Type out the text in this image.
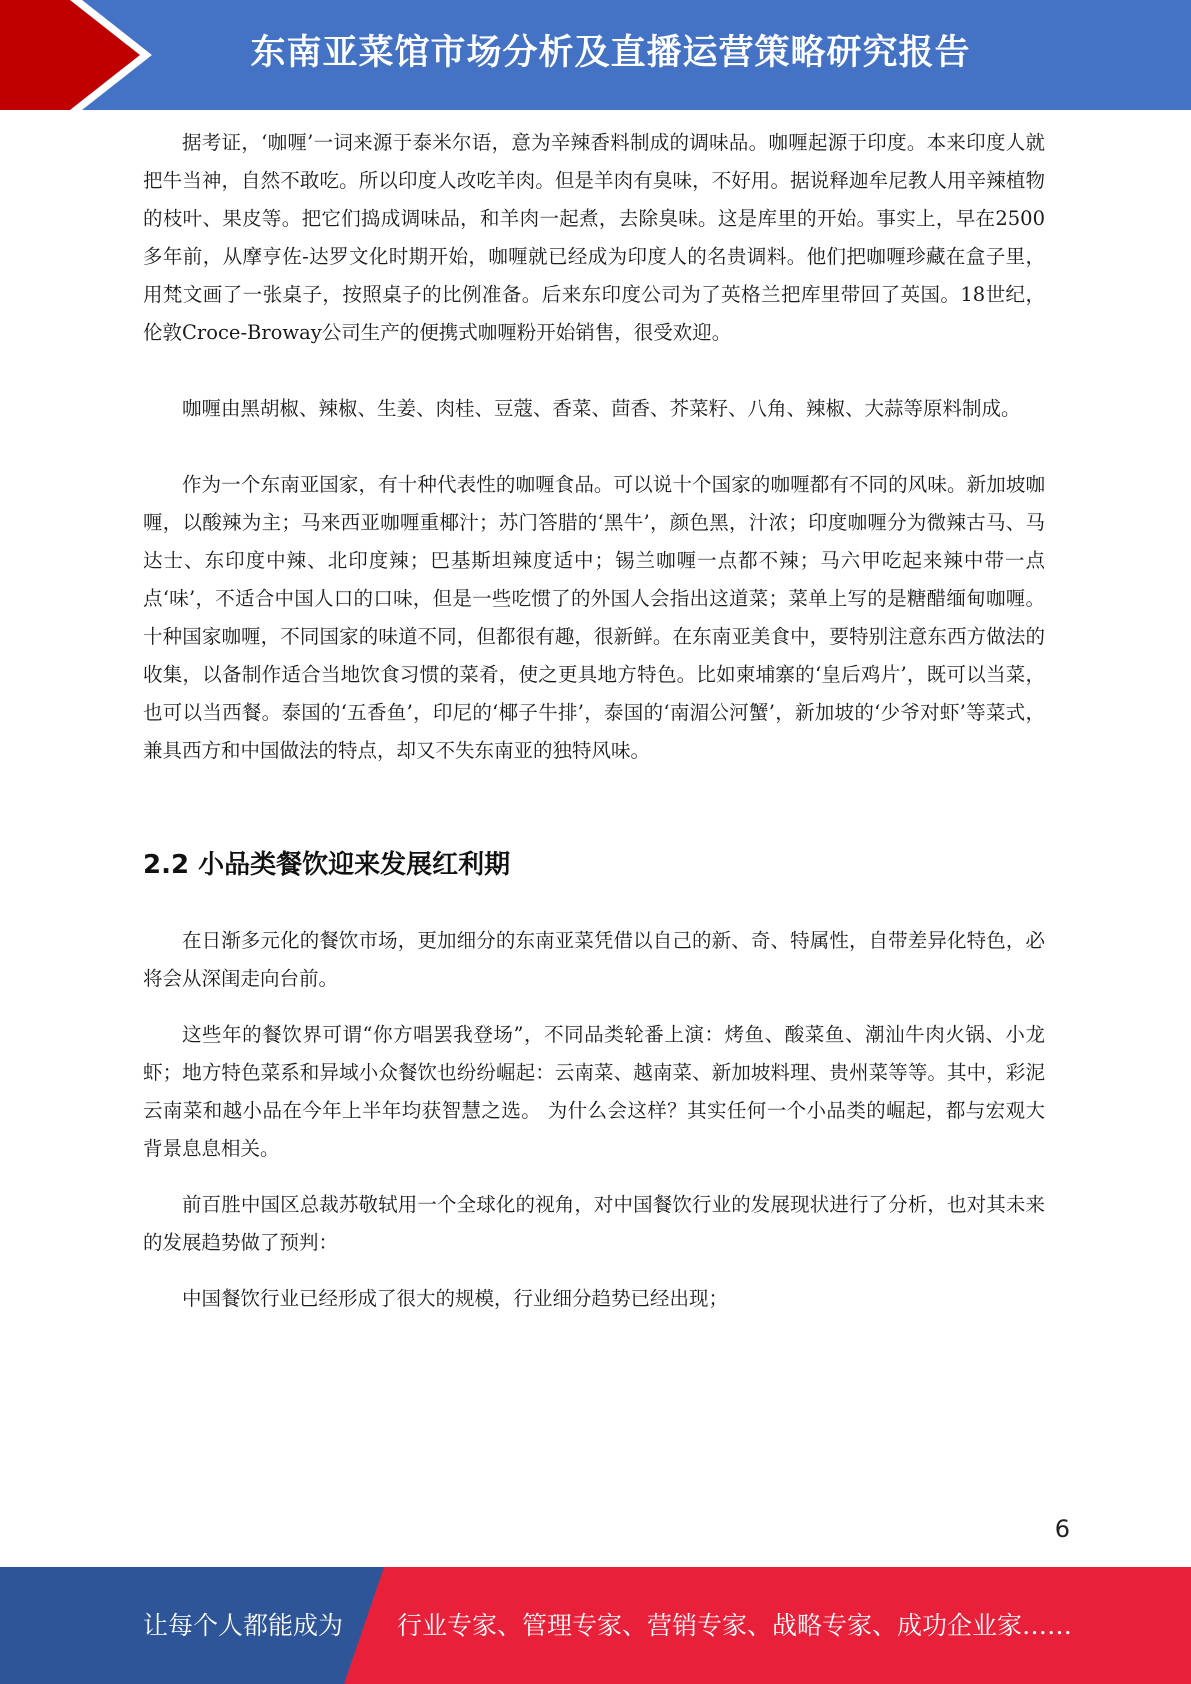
东南亚菜馆市场分析及直播运营策略研究报告

据考证，‘咖喱’一词来源于泰米尔语，意为辛辣香料制成的调味品。咖喱起源于印度。本来印度人就把牛当神，自然不敢吃。所以印度人改吃羊肉。但是羊肉有臭味，不好用。据说释迦牟尼教人用辛辣植物的枝叶、果皮等。把它们捣成调味品，和羊肉一起煮，去除臭味。这是库里的开始。事实上，早在2500多年前，从摩亨佐-达罗文化时期开始，咖喱就已经成为印度人的名贵调料。他们把咖喱珍藏在盒子里，用梵文画了一张桌子，按照桌子的比例准备。后来东印度公司为了英格兰把库里带回了英国。18世纪，伦敦Croce-Broway公司生产的便携式咖喱粉开始销售，很受欢迎。

咖喱由黑胡椒、辣椒、生姜、肉桂、豆蔻、香菜、茴香、芥菜籽、八角、辣椒、大蒜等原料制成。

作为一个东南亚国家，有十种代表性的咖喱食品。可以说十个国家的咖喱都有不同的风味。新加坡咖喱，以酸辣为主；马来西亚咖喱重椰汁；苏门答腊的‘黑牛’，颜色黑，汁浓；印度咖喱分为微辣古马、马达士、东印度中辣、北印度辣；巴基斯坦辣度适中；锡兰咖喱一点都不辣；马六甲吃起来辣中带一点点‘味’，不适合中国人口的口味，但是一些吃惯了的外国人会指出这道菜；菜单上写的是糖醋缅甸咖喱。十种国家咖喱，不同国家的味道不同，但都很有趣，很新鲜。在东南亚美食中，要特别注意东西方做法的收集，以备制作适合当地饮食习惯的菜肴，使之更具地方特色。比如柬埔寨的‘皇后鸡片’，既可以当菜，也可以当西餐。泰国的‘五香鱼’，印尼的‘椰子牛排’，泰国的‘南湄公河蟹’，新加坡的‘少爷对虾’等菜式，兼具西方和中国做法的特点，却又不失东南亚的独特风味。

2.2 小品类餐饮迎来发展红利期

在日渐多元化的餐饮市场，更加细分的东南亚菜凭借以自己的新、奇、特属性，自带差异化特色，必将会从深闺走向台前。

这些年的餐饮界可谓“你方唱罢我登场”，不同品类轮番上演：烤鱼、酸菜鱼、潮汕牛肉火锅、小龙虾；地方特色菜系和异域小众餐饮也纷纷崛起：云南菜、越南菜、新加坡料理、贵州菜等等。其中，彩泥云南菜和越小品在今年上半年均获智慧之选。 为什么会这样？其实任何一个小品类的崛起，都与宏观大背景息息相关。

前百胜中国区总裁苏敬轼用一个全球化的视角，对中国餐饮行业的发展现状进行了分析，也对其未来的发展趋势做了预判：

中国餐饮行业已经形成了很大的规模，行业细分趋势已经出现；

6
让每个人都能成为 行业专家、管理专家、营销专家、战略专家、成功企业家……
